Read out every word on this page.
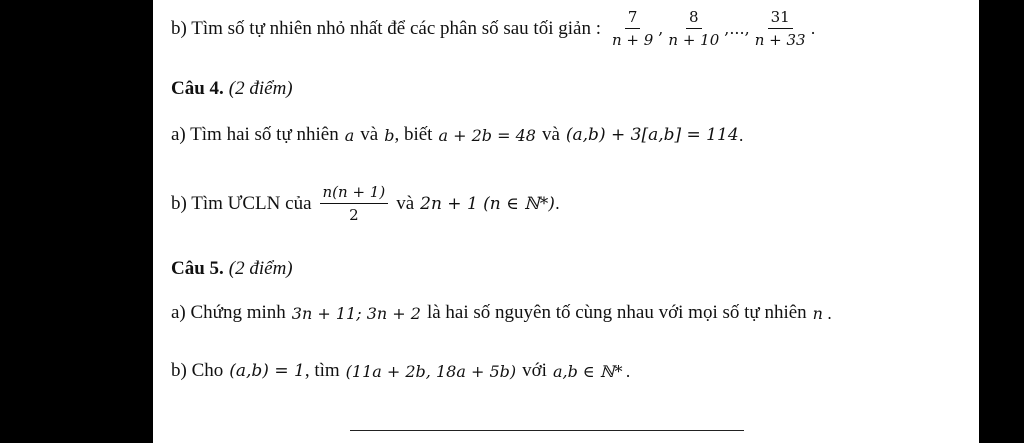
b) Tìm số tự nhiên nhỏ nhất để các phân số sau tối giản : $\frac{7}{n + 9}$ , $\frac{8}{n + 10}$ ,..., $\frac{31}{n + 33}$ .
Câu 4. (2 điểm)
a) Tìm hai số tự nhiên a và b , biết a + 2b = 48 và (a,b) + 3[a,b] = 114 .
b) Tìm ƯCLN của $\frac{n(n + 1)}{2}$ và 2n + 1 (n ∈ ℕ*) .
Câu 5. (2 điểm)
a) Chứng minh 3n + 11; 3n + 2 là hai số nguyên tố cùng nhau với mọi số tự nhiên n .
b) Cho (a,b) = 1 , tìm (11a + 2b, 18a + 5b) với a,b ∈ ℕ* .
